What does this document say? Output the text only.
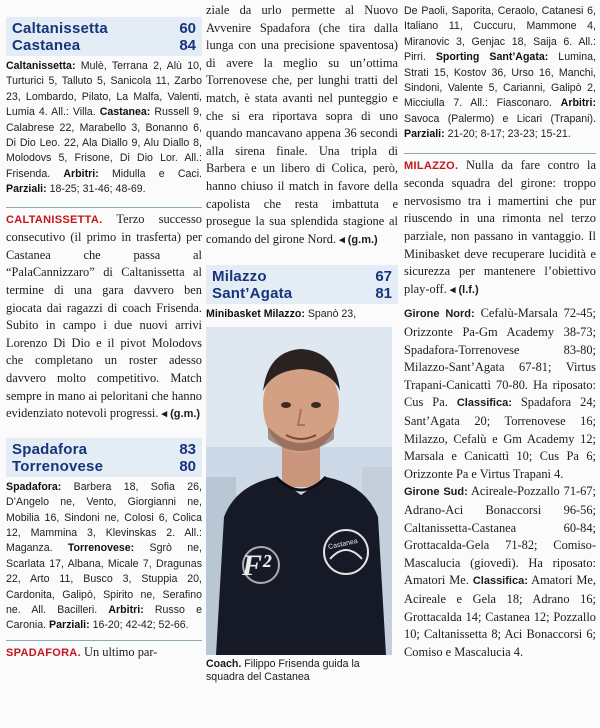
Caltanissetta	60
Castanea	84
Caltanissetta: Mulè, Terrana 2, Alù 10, Turturici 5, Talluto 5, Sanicola 11, Zarbo 23, Lombardo, Pilato, La Malfa, Valenti, Lumia 4. All.: Villa. Castanea: Russell 9, Calabrese 22, Marabello 3, Bonanno 6, Di Dio Leo. 22, Ala Diallo 9, Alu Diallo 8, Molodovs 5, Frisone, Di Dio Lor. All.: Frisenda. Arbitri: Midulla e Caci. Parziali: 18-25; 31-46; 48-69.
CALTANISSETTA. Terzo successo consecutivo (il primo in trasferta) per Castanea che passa al “PalaCannizzaro” di Caltanissetta al termine di una gara davvero ben giocata dai ragazzi di coach Frisenda. Subito in campo i due nuovi arrivi Lorenzo Di Dio e il pivot Molodovs che completano un roster adesso davvero molto competitivo. Match sempre in mano ai peloritani che hanno evidenziato notevoli progressi. ◂ (g.m.)
Spadafora	83
Torrenovese	80
Spadafora: Barbera 18, Sofia 26, D’Angelo ne, Vento, Giorgianni ne, Mobilia 16, Sindoni ne, Colosi 6, Colica 12, Mammina 3, Klevinskas 2. All.: Maganza. Torrenovese: Sgrò ne, Scarlata 17, Albana, Micale 7, Dragunas 22, Arto 11, Busco 3, Stuppia 20, Cardonita, Galipò, Spirito ne, Serafino ne. All. Bacilleri. Arbitri: Russo e Caronia. Parziali: 16-20; 42-42; 52-66.
SPADAFORA. Un ultimo par-
ziale da urlo permette al Nuovo Avvenire Spadafora (che tira dalla lunga con una precisione spaventosa) di avere la meglio su un’ottima Torrenovese che, per lunghi tratti del match, è stata avanti nel punteggio e che si era riportava sopra di uno quando mancavano appena 36 secondi alla sirena finale. Una tripla di Barbera e un libero di Colica, però, hanno chiuso il match in favore della capolista che resta imbattuta e prosegue la sua splendida stagione al comando del girone Nord. ◂ (g.m.)
Milazzo	67
Sant’Agata	81
Minibasket Milazzo: Spanò 23,
F²
Castanea
Coach. Filippo Frisenda guida la squadra del Castanea
De Paoli, Saporita, Ceraolo, Catanesi 6, Italiano 11, Cuccuru, Mammone 4, Miranovic 3, Genjac 18, Saija 6. All.: Pirri. Sporting Sant’Agata: Lumina, Strati 15, Kostov 36, Urso 16, Manchi, Sindoni, Valente 5, Carianni, Galipò 2, Micciulla 7. All.: Fiasconaro. Arbitri: Savoca (Palermo) e Licari (Trapani). Parziali: 21-20; 8-17; 23-23; 15-21.
MILAZZO. Nulla da fare contro la seconda squadra del girone: troppo nervosismo tra i mamertini che pur riuscendo in una rimonta nel terzo parziale, non passano in vantaggio. Il Minibasket deve recuperare lucidità e sicurezza per mantenere l’obiettivo play-off. ◂ (l.f.)
Girone Nord: Cefalù-Marsala 72-45; Orizzonte Pa-Gm Academy 38-73; Spadafora-Torrenovese 83-80; Milazzo-Sant’Agata 67-81; Virtus Trapani-Canicattì 70-80. Ha riposato: Cus Pa. Classifica: Spadafora 24; Sant’Agata 20; Torrenovese 16; Milazzo, Cefalù e Gm Academy 12; Marsala e Canicattì 10; Cus Pa 6; Orizzonte Pa e Virtus Trapani 4.
Girone Sud: Acireale-Pozzallo 71-67; Adrano-Aci Bonaccorsi 96-56; Caltanissetta-Castanea 60-84; Grottacalda-Gela 71-82; Comiso-Mascalucia (giovedì). Ha riposato: Amatori Me. Classifica: Amatori Me, Acireale e Gela 18; Adrano 16; Grottacalda 14; Castanea 12; Pozzallo 10; Caltanissetta 8; Aci Bonaccorsi 6; Comiso e Mascalucia 4.
